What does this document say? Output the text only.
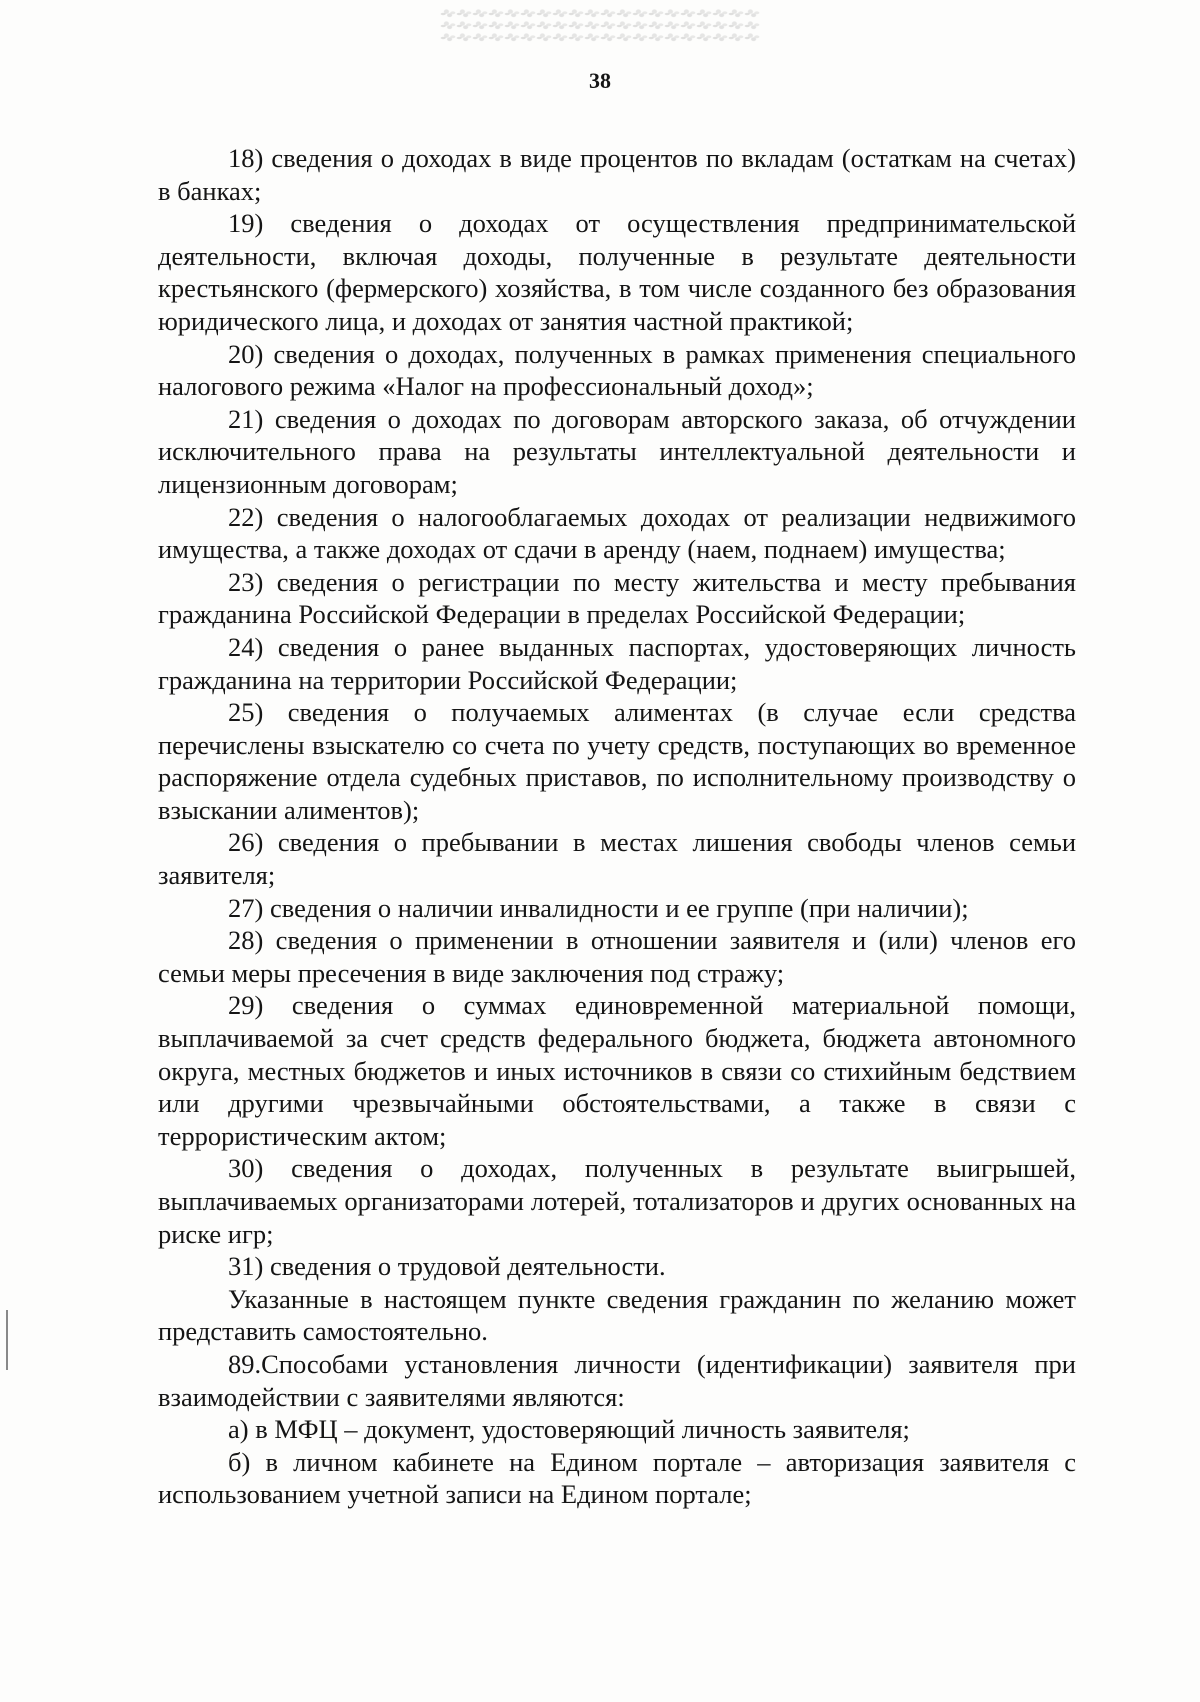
38

18) сведения о доходах в виде процентов по вкладам (остаткам на счетах) в банках;

19) сведения о доходах от осуществления предпринимательской деятельности, включая доходы, полученные в результате деятельности крестьянского (фермерского) хозяйства, в том числе созданного без образования юридического лица, и доходах от занятия частной практикой;

20) сведения о доходах, полученных в рамках применения специального налогового режима «Налог на профессиональный доход»;

21) сведения о доходах по договорам авторского заказа, об отчуждении исключительного права на результаты интеллектуальной деятельности и лицензионным договорам;

22) сведения о налогооблагаемых доходах от реализации недвижимого имущества, а также доходах от сдачи в аренду (наем, поднаем) имущества;

23) сведения о регистрации по месту жительства и месту пребывания гражданина Российской Федерации в пределах Российской Федерации;

24) сведения о ранее выданных паспортах, удостоверяющих личность гражданина на территории Российской Федерации;

25) сведения о получаемых алиментах (в случае если средства перечислены взыскателю со счета по учету средств, поступающих во временное распоряжение отдела судебных приставов, по исполнительному производству о взыскании алиментов);

26) сведения о пребывании в местах лишения свободы членов семьи заявителя;

27) сведения о наличии инвалидности и ее группе (при наличии);

28) сведения о применении в отношении заявителя и (или) членов его семьи меры пресечения в виде заключения под стражу;

29) сведения о суммах единовременной материальной помощи, выплачиваемой за счет средств федерального бюджета, бюджета автономного округа, местных бюджетов и иных источников в связи со стихийным бедствием или другими чрезвычайными обстоятельствами, а также в связи с террористическим актом;

30) сведения о доходах, полученных в результате выигрышей, выплачиваемых организаторами лотерей, тотализаторов и других основанных на риске игр;

31) сведения о трудовой деятельности.

Указанные в настоящем пункте сведения гражданин по желанию может представить самостоятельно.

89.Способами установления личности (идентификации) заявителя при взаимодействии с заявителями являются:

а) в МФЦ – документ, удостоверяющий личность заявителя;

б) в личном кабинете на Едином портале – авторизация заявителя с использованием учетной записи на Едином портале;
